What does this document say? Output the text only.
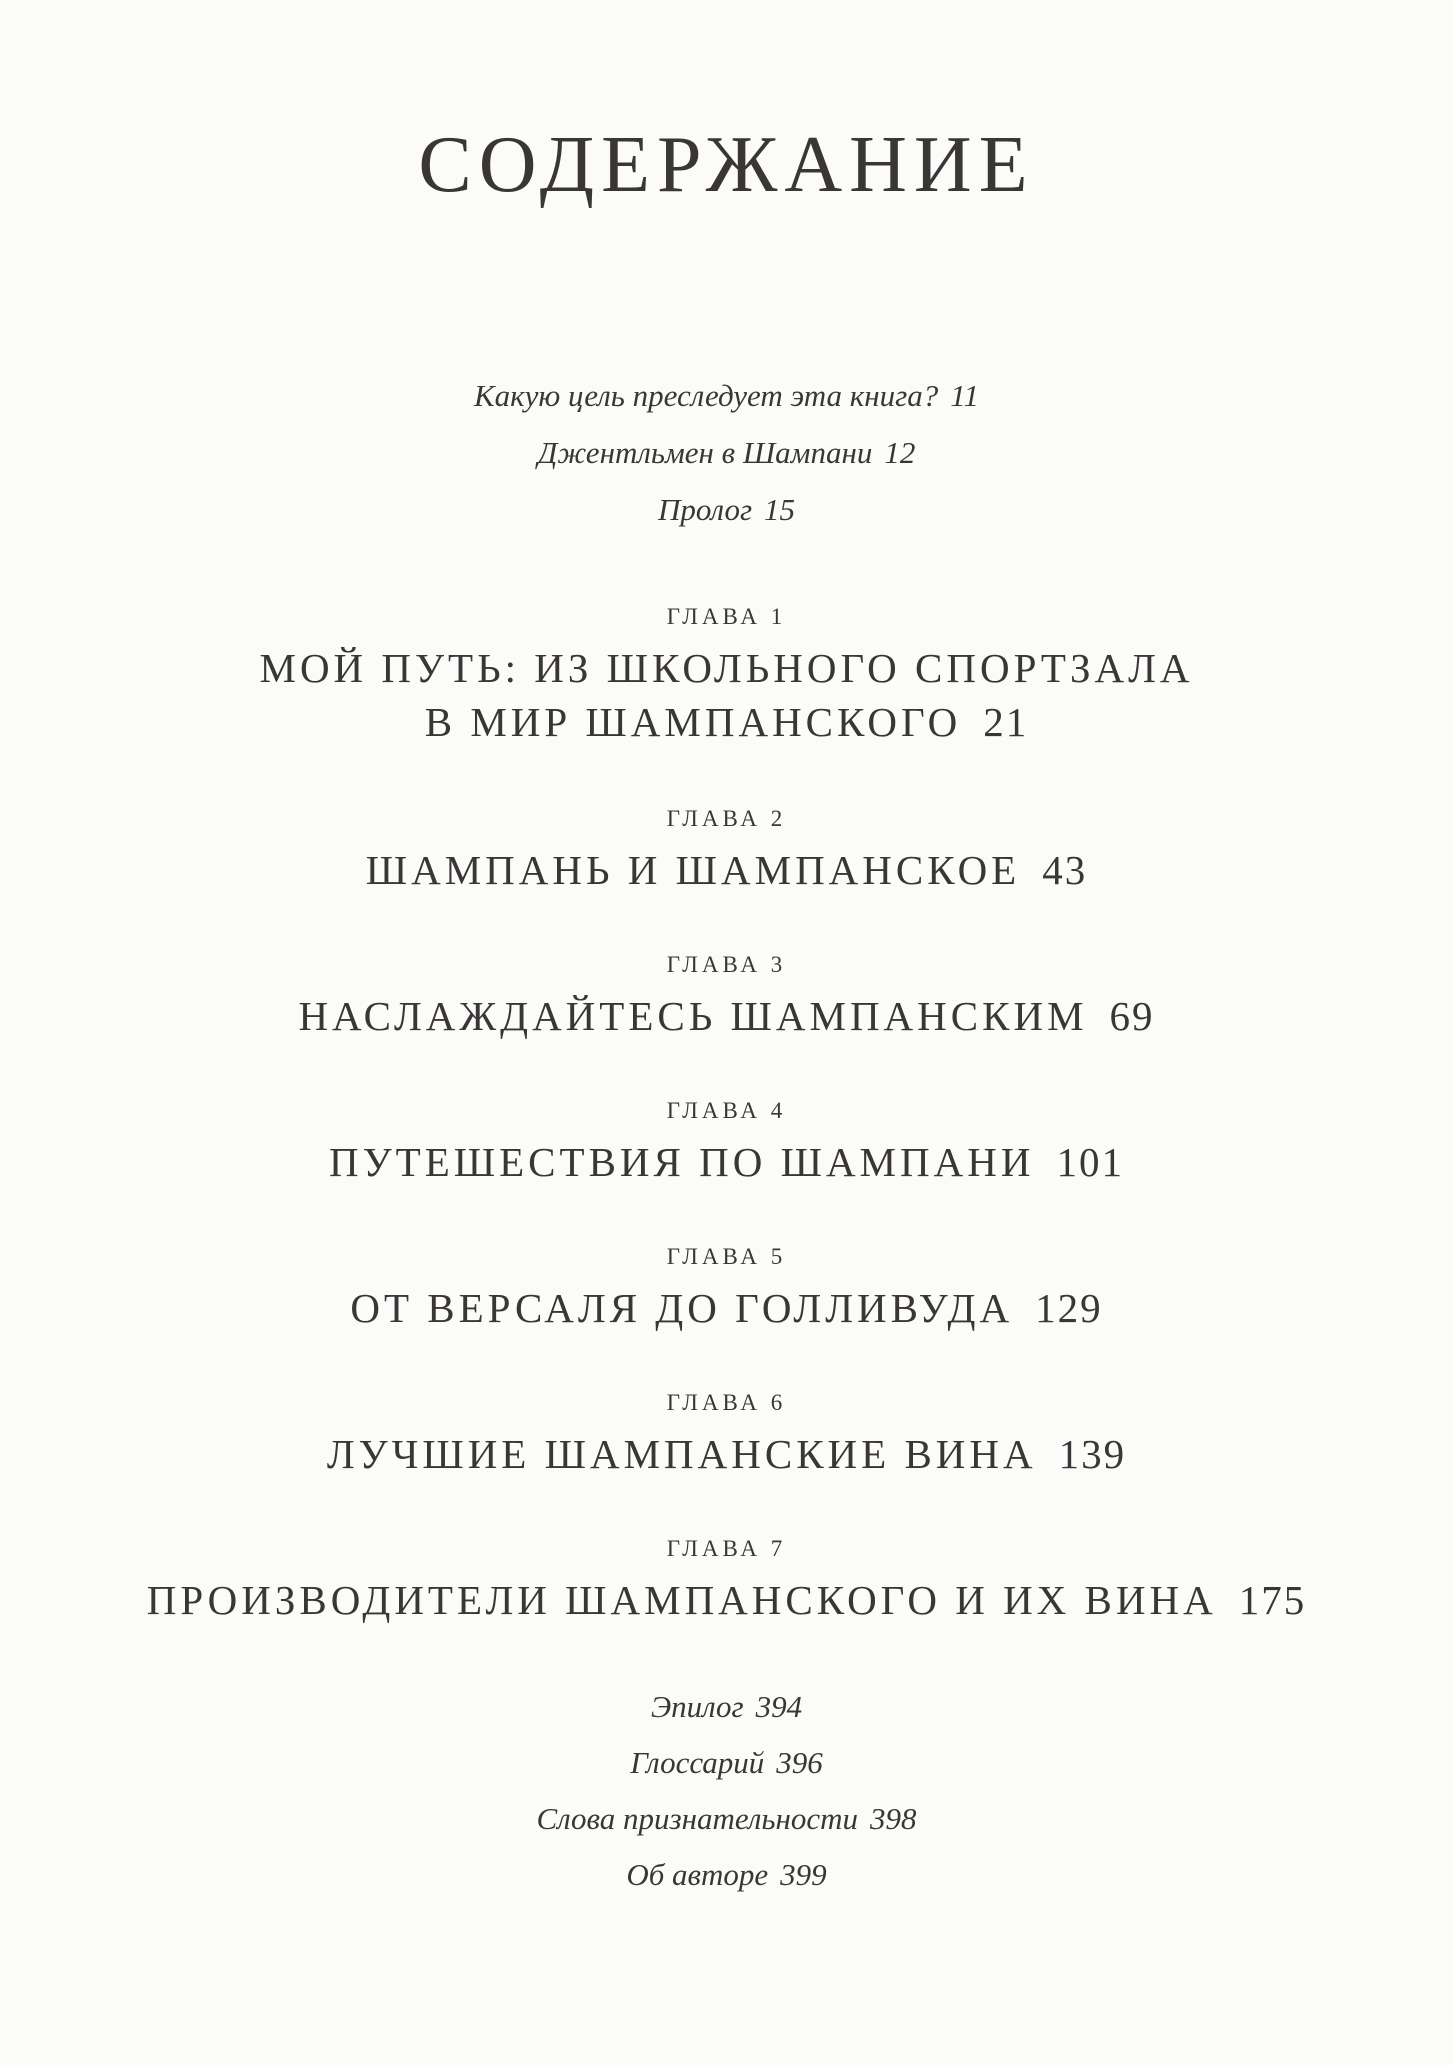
СОДЕРЖАНИЕ
Какую цель преследует эта книга? 11
Джентльмен в Шампани 12
Пролог 15
ГЛАВА 1
МОЙ ПУТЬ: ИЗ ШКОЛЬНОГО СПОРТЗАЛА
В МИР ШАМПАНСКОГО 21
ГЛАВА 2
ШАМПАНЬ И ШАМПАНСКОЕ 43
ГЛАВА 3
НАСЛАЖДАЙТЕСЬ ШАМПАНСКИМ 69
ГЛАВА 4
ПУТЕШЕСТВИЯ ПО ШАМПАНИ 101
ГЛАВА 5
ОТ ВЕРСАЛЯ ДО ГОЛЛИВУДА 129
ГЛАВА 6
ЛУЧШИЕ ШАМПАНСКИЕ ВИНА 139
ГЛАВА 7
ПРОИЗВОДИТЕЛИ ШАМПАНСКОГО И ИХ ВИНА 175
Эпилог 394
Глоссарий 396
Слова признательности 398
Об авторе 399
